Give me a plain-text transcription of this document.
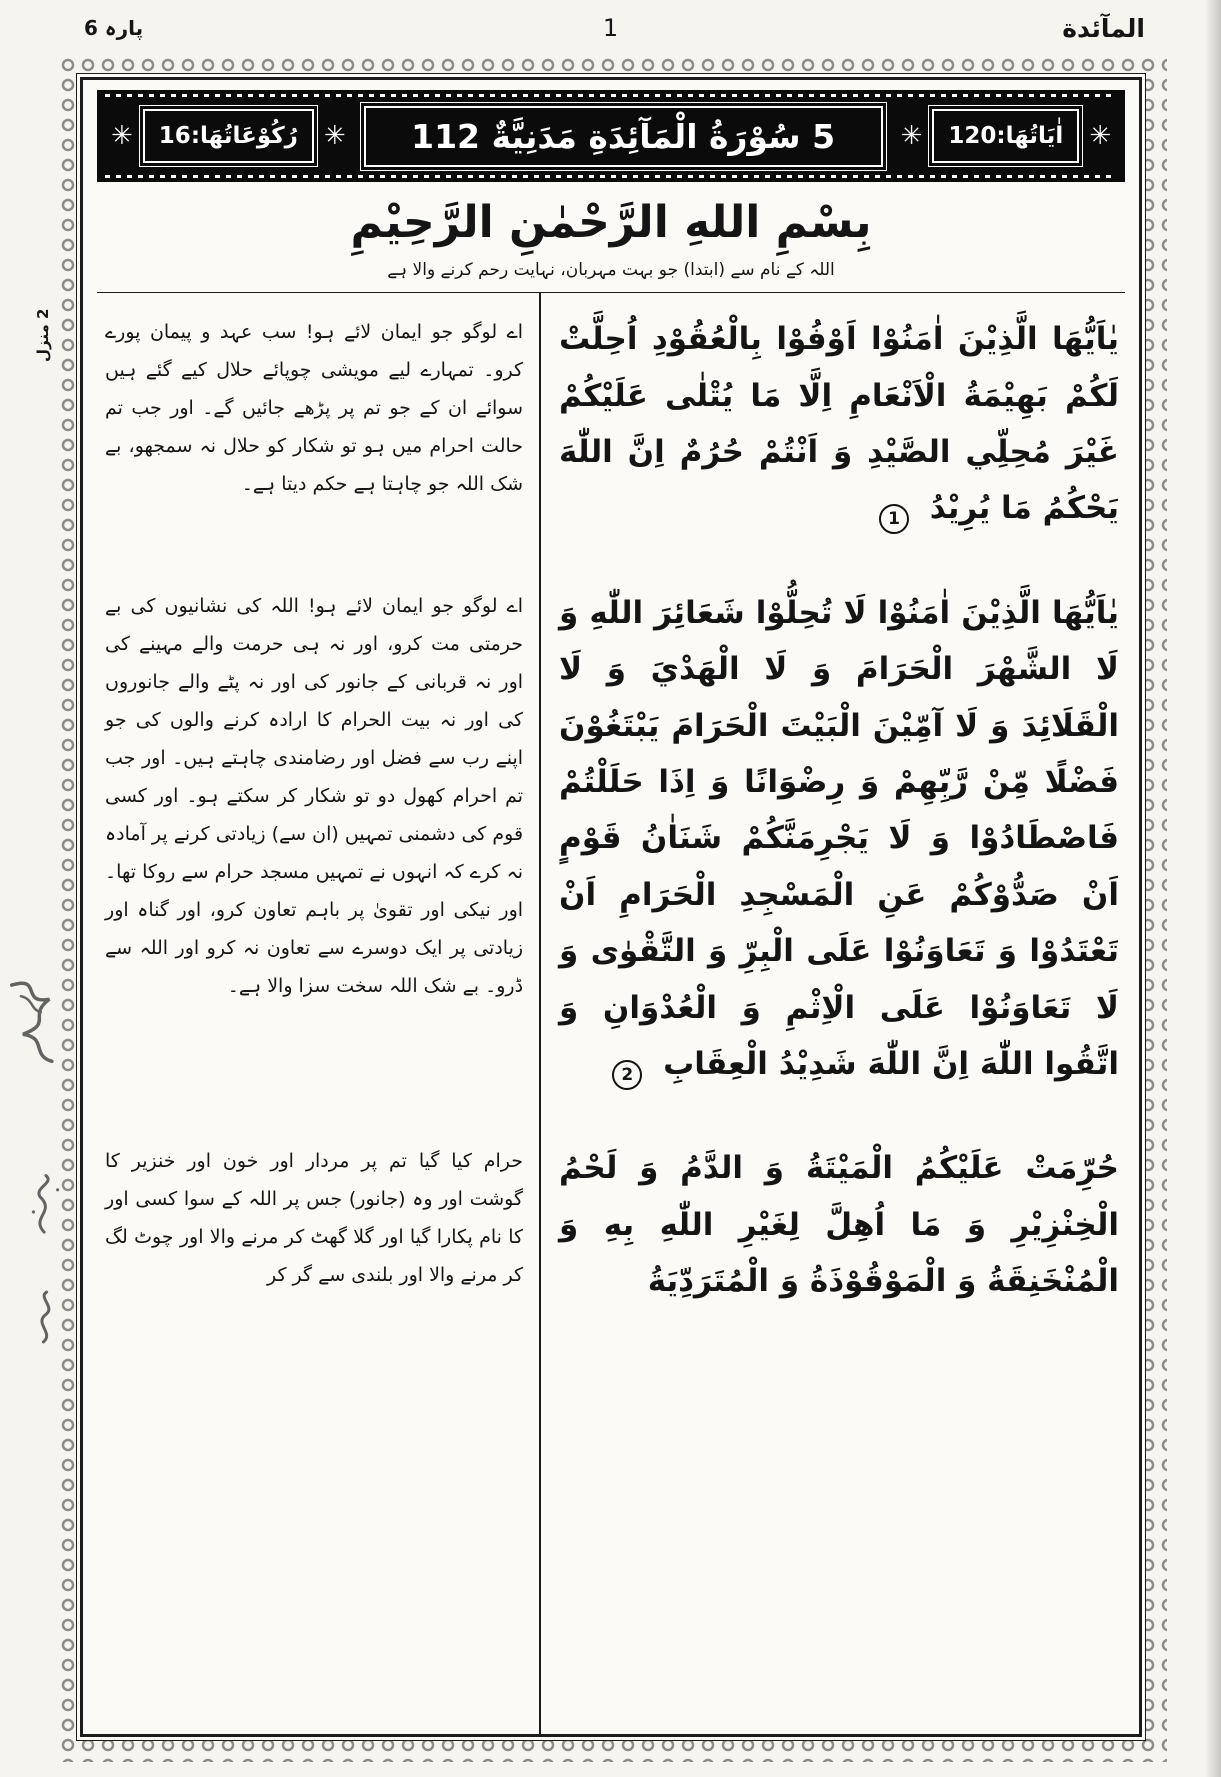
پارہ 6	1	المآئدة
✳
اٰيَاتُهَا:120
✳
5 سُوْرَةُ الْمَآئِدَةِ مَدَنِيَّةٌ 112
✳
رُكُوْعَاتُهَا:16
✳
بِسْمِ اللهِ الرَّحْمٰنِ الرَّحِيْمِ
اللہ کے نام سے (ابتدا) جو بہت مہربان، نہایت رحم کرنے والا ہے
يٰاَيُّهَا الَّذِيْنَ اٰمَنُوْا اَوْفُوْا بِالْعُقُوْدِ اُحِلَّتْ لَكُمْ بَهِيْمَةُ الْاَنْعَامِ اِلَّا مَا يُتْلٰى عَلَيْكُمْ غَيْرَ مُحِلِّي الصَّيْدِ وَ اَنْتُمْ حُرُمٌ اِنَّ اللّٰهَ يَحْكُمُ مَا يُرِيْدُ 1
اے لوگو جو ایمان لائے ہو! سب عہد و پیمان پورے کرو۔ تمہارے لیے مویشی چوپائے حلال کیے گئے ہیں سوائے ان کے جو تم پر پڑھے جائیں گے۔ اور جب تم حالت احرام میں ہو تو شکار کو حلال نہ سمجھو، بے شک اللہ جو چاہتا ہے حکم دیتا ہے۔
يٰاَيُّهَا الَّذِيْنَ اٰمَنُوْا لَا تُحِلُّوْا شَعَائِرَ اللّٰهِ وَ لَا الشَّهْرَ الْحَرَامَ وَ لَا الْهَدْيَ وَ لَا الْقَلَائِدَ وَ لَا آمِّيْنَ الْبَيْتَ الْحَرَامَ يَبْتَغُوْنَ فَضْلًا مِّنْ رَّبِّهِمْ وَ رِضْوَانًا وَ اِذَا حَلَلْتُمْ فَاصْطَادُوْا وَ لَا يَجْرِمَنَّكُمْ شَنَاٰنُ قَوْمٍ اَنْ صَدُّوْكُمْ عَنِ الْمَسْجِدِ الْحَرَامِ اَنْ تَعْتَدُوْا وَ تَعَاوَنُوْا عَلَى الْبِرِّ وَ التَّقْوٰى وَ لَا تَعَاوَنُوْا عَلَى الْاِثْمِ وَ الْعُدْوَانِ وَ اتَّقُوا اللّٰهَ اِنَّ اللّٰهَ شَدِيْدُ الْعِقَابِ 2
اے لوگو جو ایمان لائے ہو! اللہ کی نشانیوں کی بے حرمتی مت کرو، اور نہ ہی حرمت والے مہینے کی اور نہ قربانی کے جانور کی اور نہ پٹے والے جانوروں کی اور نہ بیت الحرام کا ارادہ کرنے والوں کی جو اپنے رب سے فضل اور رضامندی چاہتے ہیں۔ اور جب تم احرام کھول دو تو شکار کر سکتے ہو۔ اور کسی قوم کی دشمنی تمہیں (ان سے) زیادتی کرنے پر آمادہ نہ کرے کہ انہوں نے تمہیں مسجد حرام سے روکا تھا۔ اور نیکی اور تقویٰ پر باہم تعاون کرو، اور گناہ اور زیادتی پر ایک دوسرے سے تعاون نہ کرو اور اللہ سے ڈرو۔ بے شک اللہ سخت سزا والا ہے۔
حُرِّمَتْ عَلَيْكُمُ الْمَيْتَةُ وَ الدَّمُ وَ لَحْمُ الْخِنْزِيْرِ وَ مَا اُهِلَّ لِغَيْرِ اللّٰهِ بِهِ وَ الْمُنْخَنِقَةُ وَ الْمَوْقُوْذَةُ وَ الْمُتَرَدِّيَةُ
حرام کیا گیا تم پر مردار اور خون اور خنزیر کا گوشت اور وہ (جانور) جس پر اللہ کے سوا کسی اور کا نام پکارا گیا اور گلا گھٹ کر مرنے والا اور چوٹ لگ کر مرنے والا اور بلندی سے گر کر
2 منزل
